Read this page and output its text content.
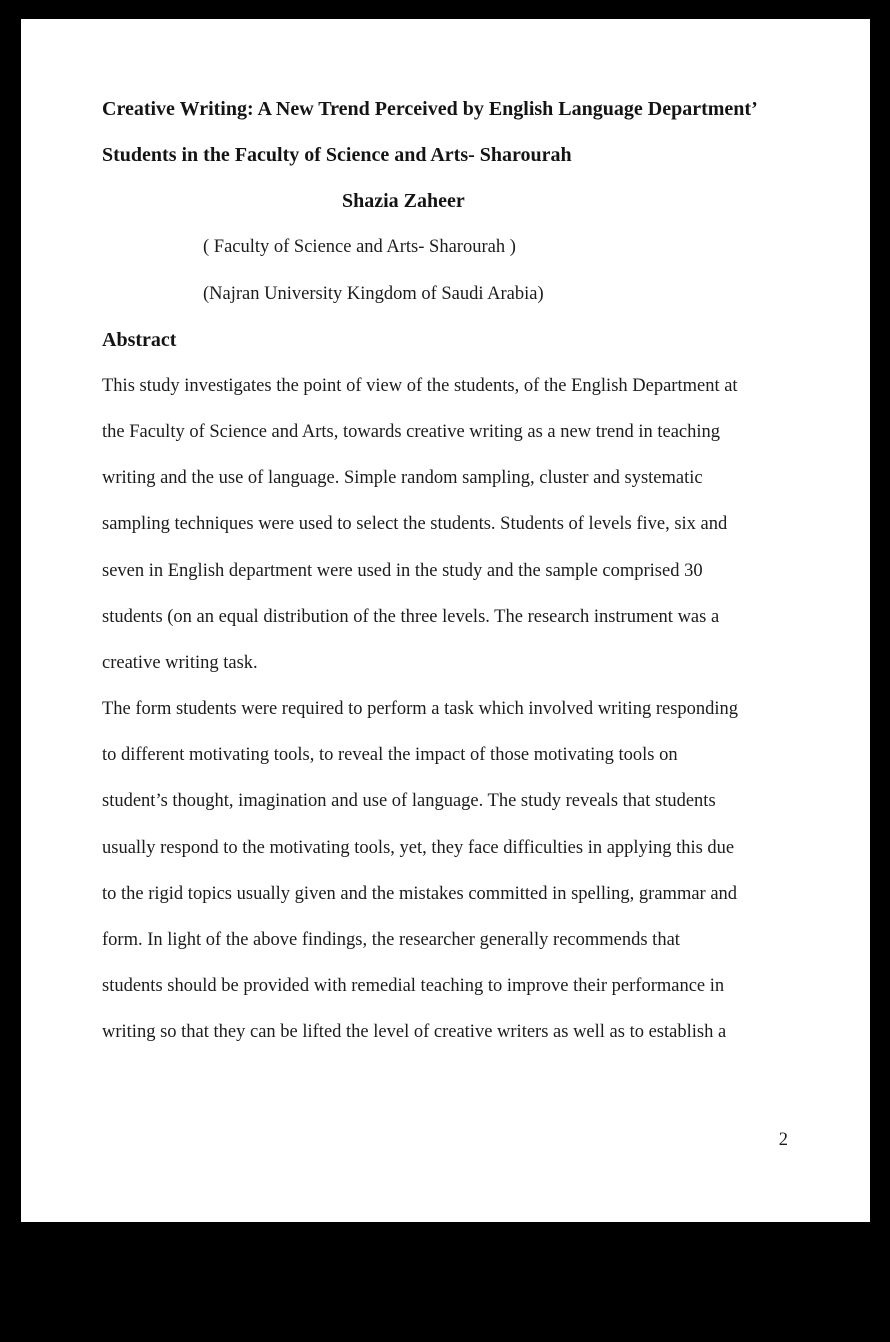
Creative Writing: A New Trend Perceived by English Language Department’
Students in the Faculty of Science and Arts- Sharourah
Shazia Zaheer
( Faculty of Science and Arts- Sharourah )
(Najran University Kingdom of Saudi Arabia)
Abstract
This study investigates the point of view of the students, of the English Department at
the Faculty of Science and Arts, towards creative writing as a new trend in teaching
writing and the use of language. Simple random sampling, cluster and systematic
sampling techniques were used to select the students. Students of levels five, six and
seven in English department were used in the study and the sample comprised 30
students (on an equal distribution of the three levels. The research instrument was a
creative writing task.
The form students were required to perform a task which involved writing responding
to different motivating tools, to reveal the impact of those motivating tools on
student’s thought, imagination and use of language. The study reveals that students
usually respond to the motivating tools, yet, they face difficulties in applying this due
to the rigid topics usually given and the mistakes committed in spelling, grammar and
form. In light of the above findings, the researcher generally recommends that
students should be provided with remedial teaching to improve their performance in
writing so that they can be lifted the level of creative writers as well as to establish a
2
